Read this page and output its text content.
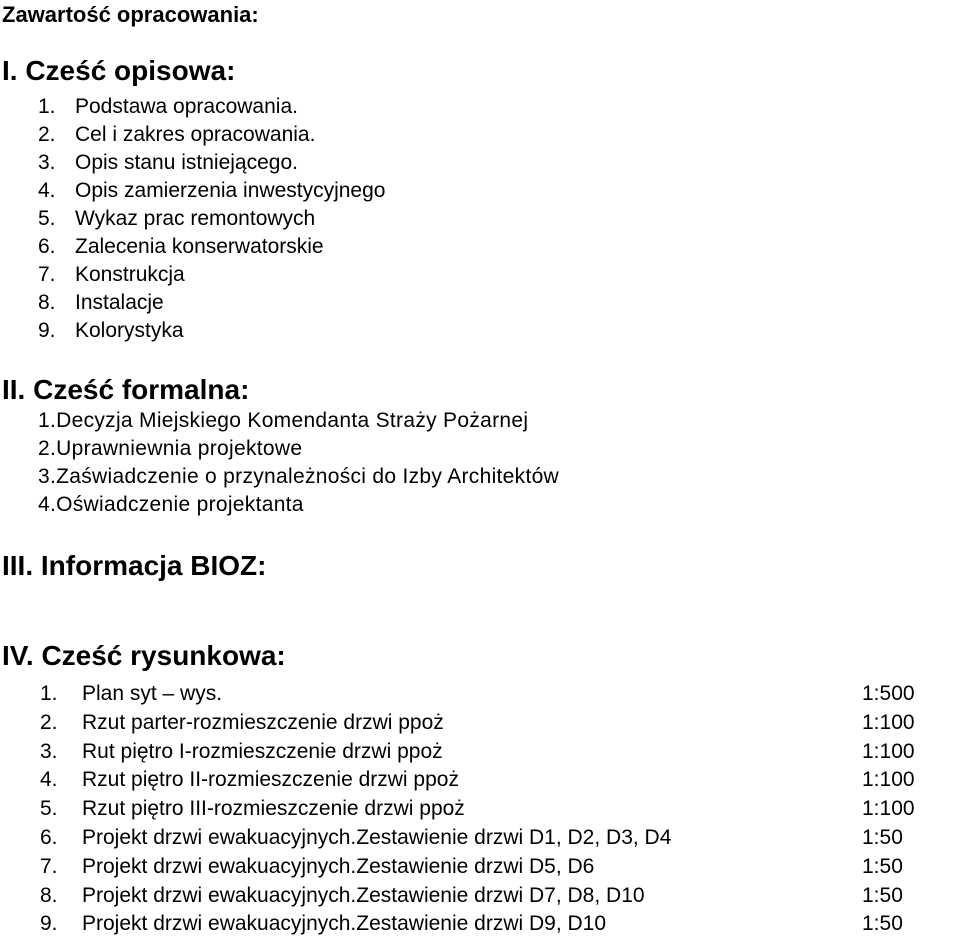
Zawartość opracowania:
I. Cześć opisowa:
1. Podstawa opracowania.
2. Cel i zakres opracowania.
3. Opis stanu istniejącego.
4. Opis zamierzenia inwestycyjnego
5. Wykaz prac remontowych
6. Zalecenia konserwatorskie
7. Konstrukcja
8. Instalacje
9. Kolorystyka
II. Cześć formalna:
1.Decyzja Miejskiego Komendanta Straży Pożarnej
2.Uprawniewnia projektowe
3.Zaświadczenie o przynależności do Izby Architektów
4.Oświadczenie projektanta
III. Informacja BIOZ:
IV. Cześć rysunkowa:
1. Plan syt – wys.	1:500
2. Rzut parter-rozmieszczenie drzwi ppoż	1:100
3. Rut piętro I-rozmieszczenie drzwi ppoż	1:100
4. Rzut piętro II-rozmieszczenie drzwi ppoż	1:100
5. Rzut piętro III-rozmieszczenie drzwi ppoż	1:100
6. Projekt drzwi ewakuacyjnych.Zestawienie drzwi D1, D2, D3, D4	1:50
7. Projekt drzwi ewakuacyjnych.Zestawienie drzwi D5, D6	1:50
8. Projekt drzwi ewakuacyjnych.Zestawienie drzwi D7, D8, D10	1:50
9. Projekt drzwi ewakuacyjnych.Zestawienie drzwi D9, D10	1:50
